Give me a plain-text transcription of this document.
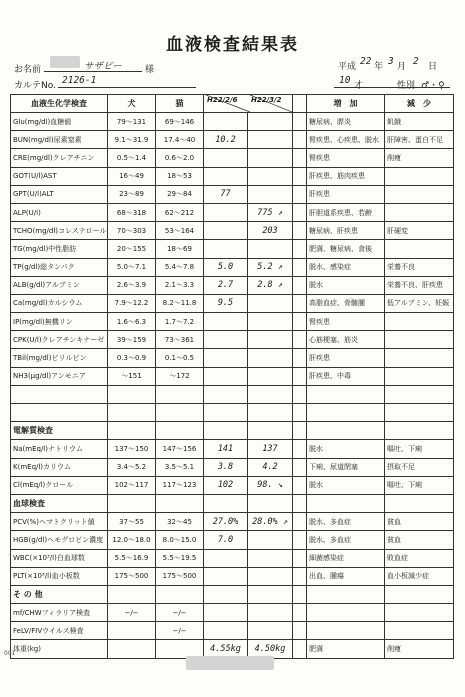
血液検査結果表
お名前	サザビー	様	平成 22 年 3 月 2 日
カルテNo. 2126-1	10 才	性別 ♂・♀
血液生化学検査	犬	猫	H22/2/6 H22/3/2			増　加	減　少
Glu(mg/dl)血糖値	79〜131	69〜146				糖尿病、膵炎	飢餓
BUN(mg/dl)尿素窒素	9.1〜31.9	17.4〜40	10.2			腎疾患、心疾患、脱水	肝障害、蛋白不足
CRE(mg/dl)クレアチニン	0.5〜1.4	0.6〜2.0				腎疾患	削痩
GOT(U/l)AST	16〜49	18〜53				肝疾患、筋肉疾患	
GPT(U/l)ALT	23〜89	29〜84	77			肝疾患	
ALP(U/l)	68〜318	62〜212		775 ↗		肝胆道系疾患、若齢	
TCHO(mg/dl)コレステロール	70〜303	53〜164		203		糖尿病、肝疾患	肝硬変
TG(mg/dl)中性脂肪	20〜155	18〜69				肥満、糖尿病、食後	
TP(g/dl)総タンパク	5.0〜7.1	5.4〜7.8	5.0	5.2 ↗		脱水、感染症	栄養不良
ALB(g/dl)アルブミン	2.6〜3.9	2.1〜3.3	2.7	2.8 ↗		脱水	栄養不良、肝疾患
Ca(mg/dl)カルシウム	7.9〜12.2	8.2〜11.8	9.5			高脂血症、骨髄腫	低アルブミン、妊娠
IP(mg/dl)無機リン	1.6〜6.3	1.7〜7.2				腎疾患	
CPK(U/l)クレアチンキナーゼ	39〜159	73〜361				心筋梗塞、筋炎	
TBil(mg/dl)ビリルビン	0.3〜0.9	0.1〜0.5				肝疾患	
NH3(μg/dl)アンモニア	〜151	〜172				肝疾患、中毒	

電解質検査							
Na(mEq/l)ナトリウム	137〜150	147〜156	141	137		脱水	嘔吐、下痢
K(mEq/l)カリウム	3.4〜5.2	3.5〜5.1	3.8	4.2		下痢、尿道閉塞	摂取不足
Cl(mEq/l)クロール	102〜117	117〜123	102	98. ↘		脱水	嘔吐、下痢
血球検査							
PCV(%)ヘマトクリット値	37〜55	32〜45	27.0%	28.0% ↗		脱水、多血症	貧血
HGB(g/dl)ヘモグロビン濃度	12.0〜18.0	8.0〜15.0	7.0			脱水、多血症	貧血
WBC(×10³/l)白血球数	5.5〜16.9	5.5〜19.5				細菌感染症	敗血症
PLT(×10³/l)血小板数	175〜500	175〜500				出血、腫瘍	血小板減少症
そ の 他							
mf/CHWフィラリア検査	−/−	−/−					
FeLV/FIVウイルス検査		−/−					
体重(kg)			4.55kg	4.50kg		肥満	削痩
001
